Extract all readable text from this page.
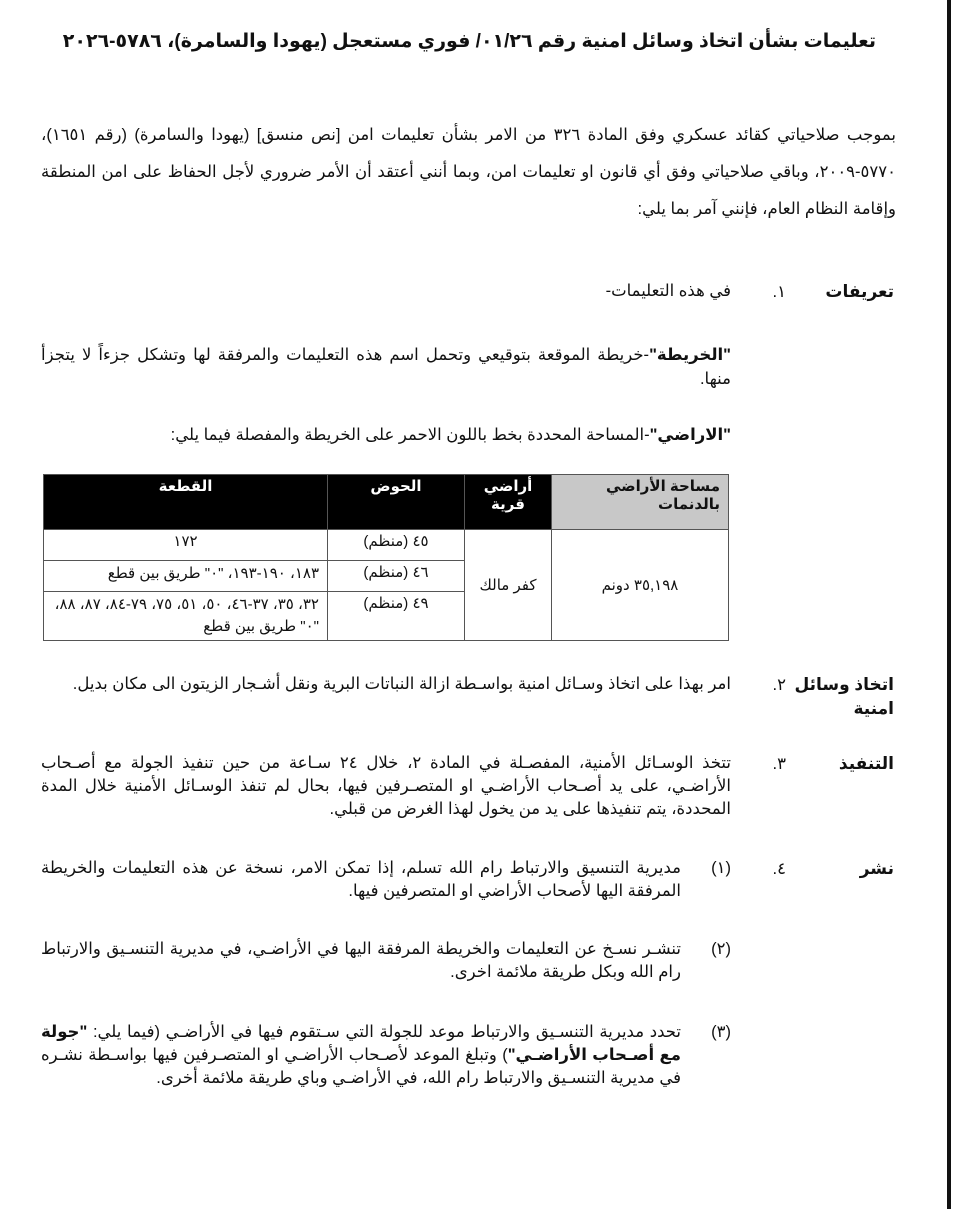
تعليمات بشأن اتخاذ وسائل امنية رقم ٠١/٢٦/ فوري مستعجل (يهودا والسامرة)، ٥٧٨٦-٢٠٢٦
بموجب صلاحياتي كقائد عسكري وفق المادة ٣٢٦ من الامر بشأن تعليمات امن [نص منسق] (يهودا والسامرة) (رقم ١٦٥١)، ٥٧٧٠-٢٠٠٩، وباقي صلاحياتي وفق أي قانون او تعليمات امن، وبما أنني أعتقد أن الأمر ضروري لأجل الحفاظ على امن المنطقة وإقامة النظام العام، فإنني آمر بما يلي:
تعريفات
١.
في هذه التعليمات-
"الخريطة"-خريطة الموقعة بتوقيعي وتحمل اسم هذه التعليمات والمرفقة لها وتشكل جزءاً لا يتجزأ منها.
"الاراضي"-المساحة المحددة بخط باللون الاحمر على الخريطة والمفصلة فيما يلي:
مساحة الأراضي بالدنمات	أراضي قرية	الحوض	القطعة
٣٥,١٩٨ دونم	كفر مالك	٤٥ (منظم)	١٧٢
		٤٦ (منظم)	١٨٣، ١٩٠-١٩٣، "٠" طريق بين قطع
		٤٩ (منظم)	٣٢، ٣٥، ٣٧-٤٦، ٥٠، ٥١، ٧٥، ٧٩-٨٤، ٨٧، ٨٨، "٠" طريق بين قطع
اتخاذ وسائل امنية
٢.
امر بهذا على اتخاذ وسـائل امنية بواسـطة ازالة النباتات البرية ونقل أشـجار الزيتون الى مكان بديل.
التنفيذ
٣.
تتخذ الوسـائل الأمنية، المفصـلة في المادة ٢، خلال ٢٤ سـاعة من حين تنفيذ الجولة مع أصـحاب الأراضـي، على يد أصـحاب الأراضـي او المتصـرفين فيها، بحال لم تنفذ الوسـائل الأمنية خلال المدة المحددة، يتم تنفيذها على يد من يخول لهذا الغرض من قبلي.
نشر
٤.
(١)
مديرية التنسيق والارتباط رام الله تسلم، إذا تمكن الامر، نسخة عن هذه التعليمات والخريطة المرفقة اليها لأصحاب الأراضي او المتصرفين فيها.
(٢)
تنشـر نسـخ عن التعليمات والخريطة المرفقة اليها في الأراضـي، في مديرية التنسـيق والارتباط رام الله وبكل طريقة ملائمة اخرى.
(٣)
تحدد مديرية التنسـيق والارتباط موعد للجولة التي سـتقوم فيها في الأراضـي (فيما يلي: "جولة مع أصـحاب الأراضـي") وتبلغ الموعد لأصـحاب الأراضـي او المتصـرفين فيها بواسـطة نشـره في مديرية التنسـيق والارتباط رام الله، في الأراضـي وباي طريقة ملائمة أخرى.
